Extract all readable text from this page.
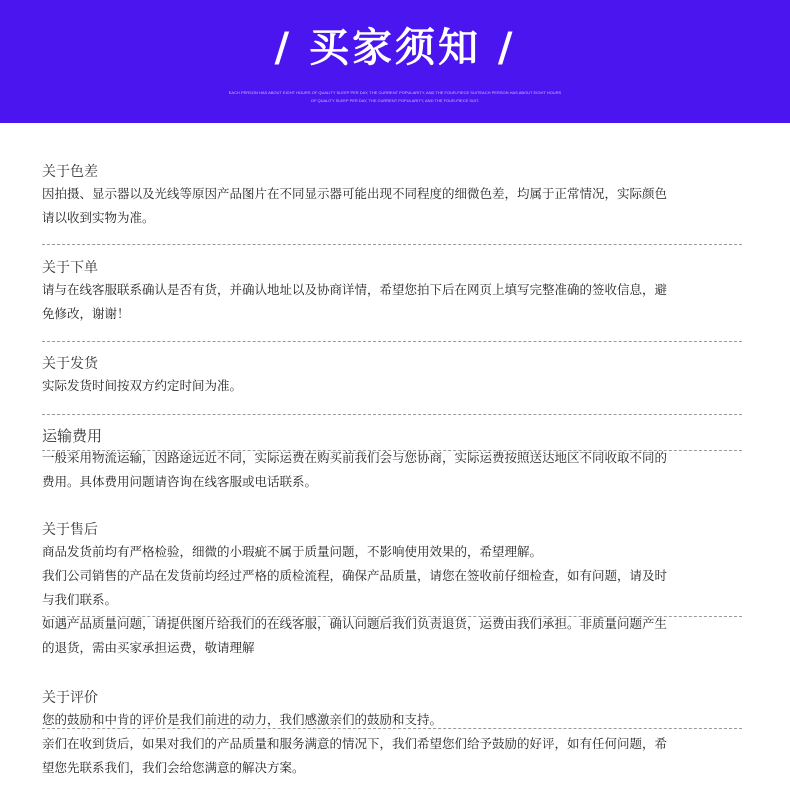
/ 买家须知 /
EACH PERSON HAS ABOUT EIGHT HOURS OF QUALITY SLEEP PER DAY, THE CURRENT POPULARITY, AND THE FOUR-PIECE SUITEACH PERSON HAS ABOUT EIGHT HOURS
OF QUALITY SLEEP PER DAY, THE CURRENT POPULARITY, AND THE FOUR-PIECE SUIT.
关于色差
因拍摄、显示器以及光线等原因产品图片在不同显示器可能出现不同程度的细微色差，均属于正常情况，实际颜色
请以收到实物为准。
关于下单
请与在线客服联系确认是否有货，并确认地址以及协商详情，希望您拍下后在网页上填写完整准确的签收信息，避
免修改，谢谢！
关于发货
实际发货时间按双方约定时间为准。
运输费用
一般采用物流运输，因路途远近不同，实际运费在购买前我们会与您协商，实际运费按照送达地区不同收取不同的
费用。具体费用问题请咨询在线客服或电话联系。
关于售后
商品发货前均有严格检验，细微的小瑕疵不属于质量问题，不影响使用效果的，希望理解。
我们公司销售的产品在发货前均经过严格的质检流程，确保产品质量，请您在签收前仔细检查，如有问题，请及时
与我们联系。
如遇产品质量问题，请提供图片给我们的在线客服，确认问题后我们负责退货，运费由我们承担。非质量问题产生
的退货，需由买家承担运费，敬请理解
关于评价
您的鼓励和中肯的评价是我们前进的动力，我们感激亲们的鼓励和支持。
亲们在收到货后，如果对我们的产品质量和服务满意的情况下，我们希望您们给予鼓励的好评，如有任何问题，希
望您先联系我们，我们会给您满意的解决方案。
